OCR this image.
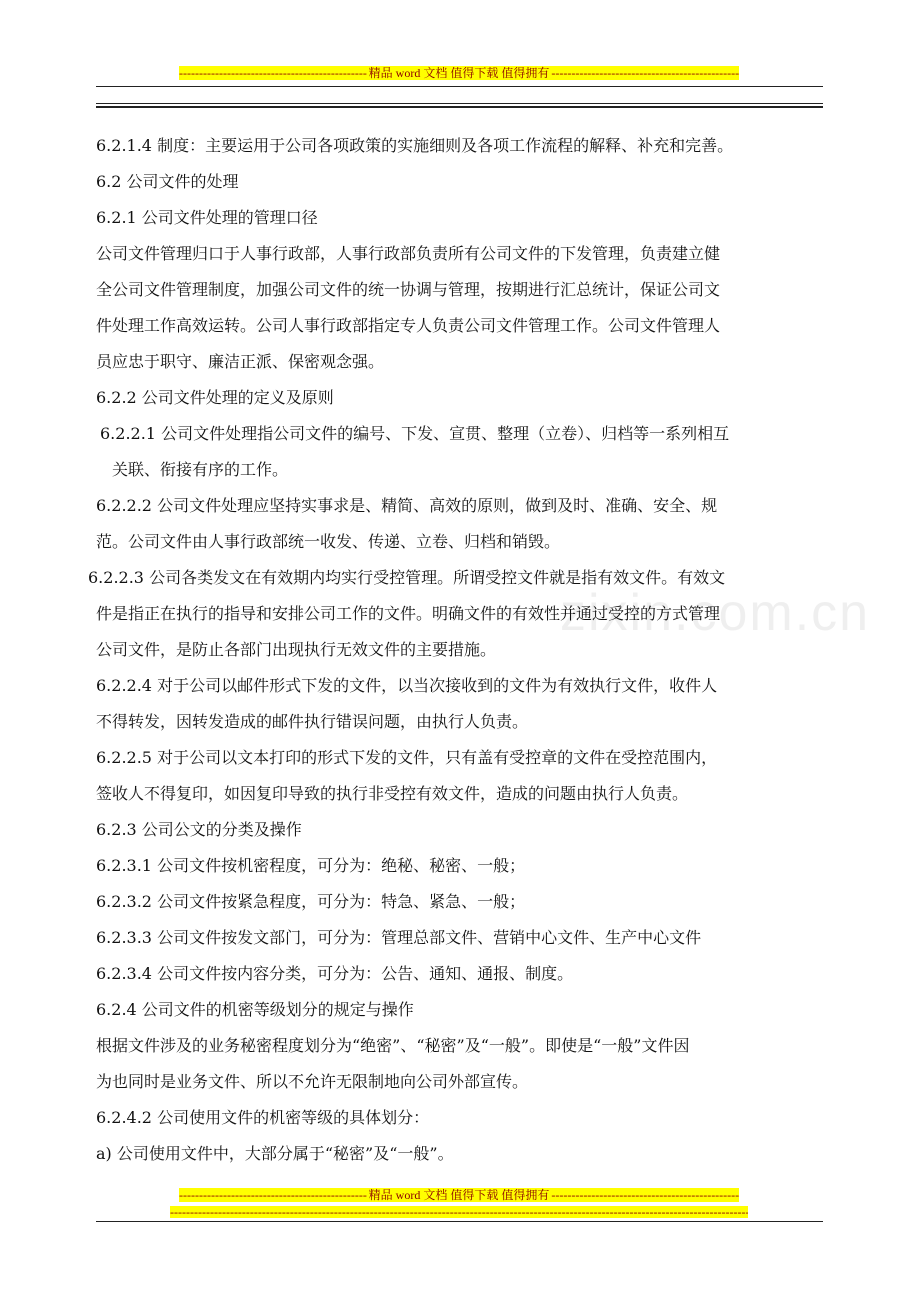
-----
精品 word 文档 值得下载 值得拥有
-----

6.2.1.4 制度：主要运用于公司各项政策的实施细则及各项工作流程的解释、补充和完善。

6.2 公司文件的处理

6.2.1 公司文件处理的管理口径

公司文件管理归口于人事行政部，人事行政部负责所有公司文件的下发管理，负责建立健

全公司文件管理制度，加强公司文件的统一协调与管理，按期进行汇总统计，保证公司文

件处理工作高效运转。公司人事行政部指定专人负责公司文件管理工作。公司文件管理人

员应忠于职守、廉洁正派、保密观念强。

6.2.2 公司文件处理的定义及原则

6.2.2.1 公司文件处理指公司文件的编号、下发、宣贯、整理（立卷）、归档等一系列相互

关联、衔接有序的工作。

6.2.2.2 公司文件处理应坚持实事求是、精简、高效的原则，做到及时、准确、安全、规

范。公司文件由人事行政部统一收发、传递、立卷、归档和销毁。

6.2.2.3 公司各类发文在有效期内均实行受控管理。所谓受控文件就是指有效文件。有效文

件是指正在执行的指导和安排公司工作的文件。明确文件的有效性并通过受控的方式管理

公司文件，是防止各部门出现执行无效文件的主要措施。

6.2.2.4 对于公司以邮件形式下发的文件，以当次接收到的文件为有效执行文件，收件人

不得转发，因转发造成的邮件执行错误问题，由执行人负责。

6.2.2.5 对于公司以文本打印的形式下发的文件，只有盖有受控章的文件在受控范围内，

签收人不得复印，如因复印导致的执行非受控有效文件，造成的问题由执行人负责。

6.2.3 公司公文的分类及操作

6.2.3.1 公司文件按机密程度，可分为：绝秘、秘密、一般；

6.2.3.2 公司文件按紧急程度，可分为：特急、紧急、一般；

6.2.3.3 公司文件按发文部门，可分为：管理总部文件、营销中心文件、生产中心文件

6.2.3.4 公司文件按内容分类，可分为：公告、通知、通报、制度。

6.2.4 公司文件的机密等级划分的规定与操作

根据文件涉及的业务秘密程度划分为“绝密”、“秘密”及“一般”。即使是“一般”文件因

为也同时是业务文件、所以不允许无限制地向公司外部宣传。

6.2.4.2 公司使用文件的机密等级的具体划分：

a) 公司使用文件中，大部分属于“秘密”及“一般”。

zixin.com.cn
-----
精品 word 文档 值得下载 值得拥有
-----
-----
